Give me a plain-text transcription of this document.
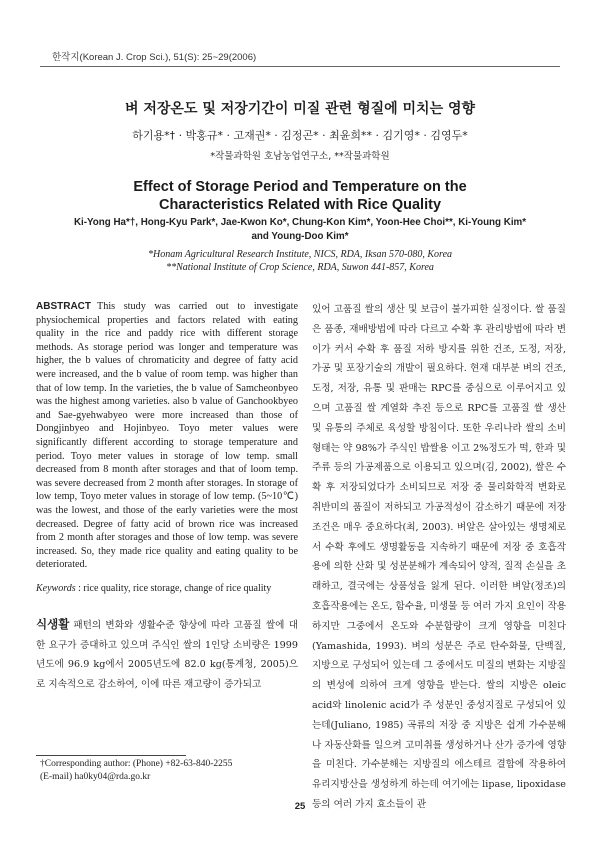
한작지(Korean J. Crop Sci.), 51(S): 25~29(2006)
벼 저장온도 및 저장기간이 미질 관련 형질에 미치는 영향
하기용*† · 박홍규* · 고재권* · 김정곤* · 최윤희** · 김기영* · 김영두*
*작물과학원 호남농업연구소, **작물과학원
Effect of Storage Period and Temperature on the Characteristics Related with Rice Quality
Ki-Yong Ha*†, Hong-Kyu Park*, Jae-Kwon Ko*, Chung-Kon Kim*, Yoon-Hee Choi**, Ki-Young Kim* and Young-Doo Kim*
*Honam Agricultural Research Institute, NICS, RDA, Iksan 570-080, Korea
**National Institute of Crop Science, RDA, Suwon 441-857, Korea

ABSTRACT This study was carried out to investigate physiochemical properties and factors related with eating quality in the rice and paddy rice with different storage methods. As storage period was longer and temperature was higher, the b values of chromaticity and degree of fatty acid were increased, and the b value of room temp. was higher than that of low temp. In the varieties, the b value of Samcheonbyeo was the highest among varieties. also b value of Ganchookbyeo and Sae-gyehwabyeo were more increased than those of Dongjinbyeo and Hojinbyeo. Toyo meter values were significantly different according to storage temperature and period. Toyo meter values in storage of low temp. small decreased from 8 month after storages and that of loom temp. was severe decreased from 2 month after storages. In storage of low temp, Toyo meter values in storage of low temp. (5~10℃) was the lowest, and those of the early varieties were the most decreased. Degree of fatty acid of brown rice was increased from 2 month after storages and those of low temp. was severe increased. So, they made rice quality and eating quality to be deteriorated.

Keywords : rice quality, rice storage, change of rice quality

식생활 패턴의 변화와 생활수준 향상에 따라 고품질 쌀에 대한 요구가 증대하고 있으며 주식인 쌀의 1인당 소비량은 1999년도에 96.9 kg에서 2005년도에 82.0 kg(통계청, 2005)으로 지속적으로 감소하여, 이에 따른 재고량이 증가되고

있어 고품질 쌀의 생산 및 보급이 불가피한 실정이다. 쌀 품질은 품종, 재배방법에 따라 다르고 수확 후 관리방법에 따라 변이가 커서 수확 후 품질 저하 방지를 위한 건조, 도정, 저장, 가공 및 포장기술의 개발이 필요하다. 현재 대부분 벼의 건조, 도정, 저장, 유통 및 판매는 RPC를 중심으로 이루어지고 있으며 고품질 쌀 계열화 추진 등으로 RPC를 고품질 쌀 생산 및 유통의 주체로 육성할 방침이다. 또한 우리나라 쌀의 소비형태는 약 98%가 주식인 밥쌀용 이고 2%정도가 떡, 한과 및 주류 등의 가공제품으로 이용되고 있으며(김, 2002), 쌀은 수확 후 저장되었다가 소비되므로 저장 중 물리화학적 변화로 취반미의 품질이 저하되고 가공적성이 감소하기 때문에 저장 조건은 매우 중요하다(최, 2003). 벼알은 살아있는 생명체로서 수확 후에도 생명활동을 지속하기 때문에 저장 중 호흡작용에 의한 산화 및 성분분해가 계속되어 양적, 질적 손실을 초래하고, 결국에는 상품성을 잃게 된다. 이러한 벼알(정조)의 호흡작용에는 온도, 함수율, 미생물 등 여러 가지 요인이 작용하지만 그중에서 온도와 수분함량이 크게 영향을 미친다(Yamashida, 1993). 벼의 성분은 주로 탄수화물, 단백질, 지방으로 구성되어 있는데 그 중에서도 미질의 변화는 지방질의 변성에 의하여 크게 영향을 받는다. 쌀의 지방은 oleic acid와 linolenic acid가 주 성분인 중성지질로 구성되어 있는데(Juliano, 1985) 곡류의 저장 중 지방은 쉽게 가수분해나 자동산화를 일으켜 고미취를 생성하거나 산가 증가에 영향을 미친다. 가수분해는 지방질의 에스테르 결합에 작용하여 유리지방산을 생성하게 하는데 여기에는 lipase, lipoxidase 등의 여러 가지 효소들이 관

†Corresponding author: (Phone) +82-63-840-2255
(E-mail) ha0ky04@rda.go.kr
25
